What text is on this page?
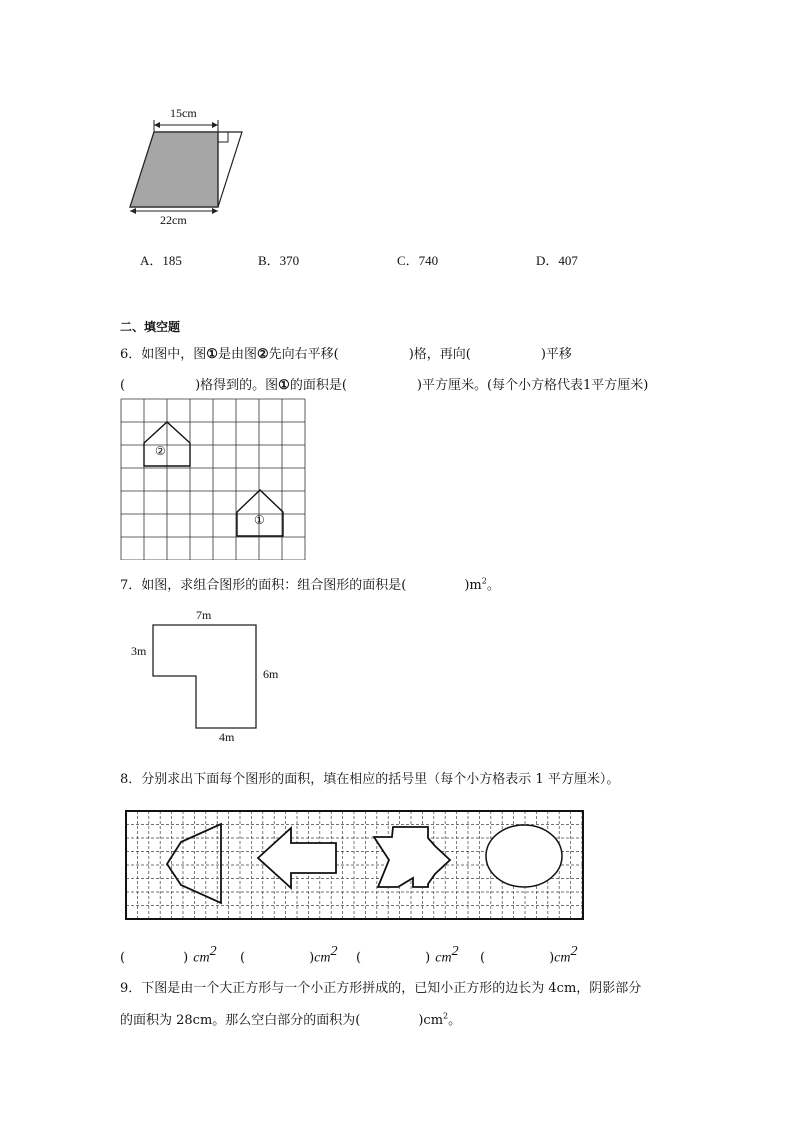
15cm
22cm
A．185	B．370	C．740	D．407
二、填空题
6．如图中，图①是由图②先向右平移(	)格，再向(	)平移
(	)格得到的。图①的面积是(	)平方厘米。(每个小方格代表1平方厘米)
②
①
7．如图，求组合图形的面积：组合图形的面积是(	)$m^2$。
7m
3m
6m
4m
8．分别求出下面每个图形的面积，填在相应的括号里（每个小方格表示 1 平方厘米）。
(	) $cm^2$ (	)$cm^2$ (	) $cm^2$ (	)$cm^2$
9．下图是由一个大正方形与一个小正方形拼成的，已知小正方形的边长为 4cm，阴影部分
的面积为 28cm。那么空白部分的面积为(	)$cm^2$。
